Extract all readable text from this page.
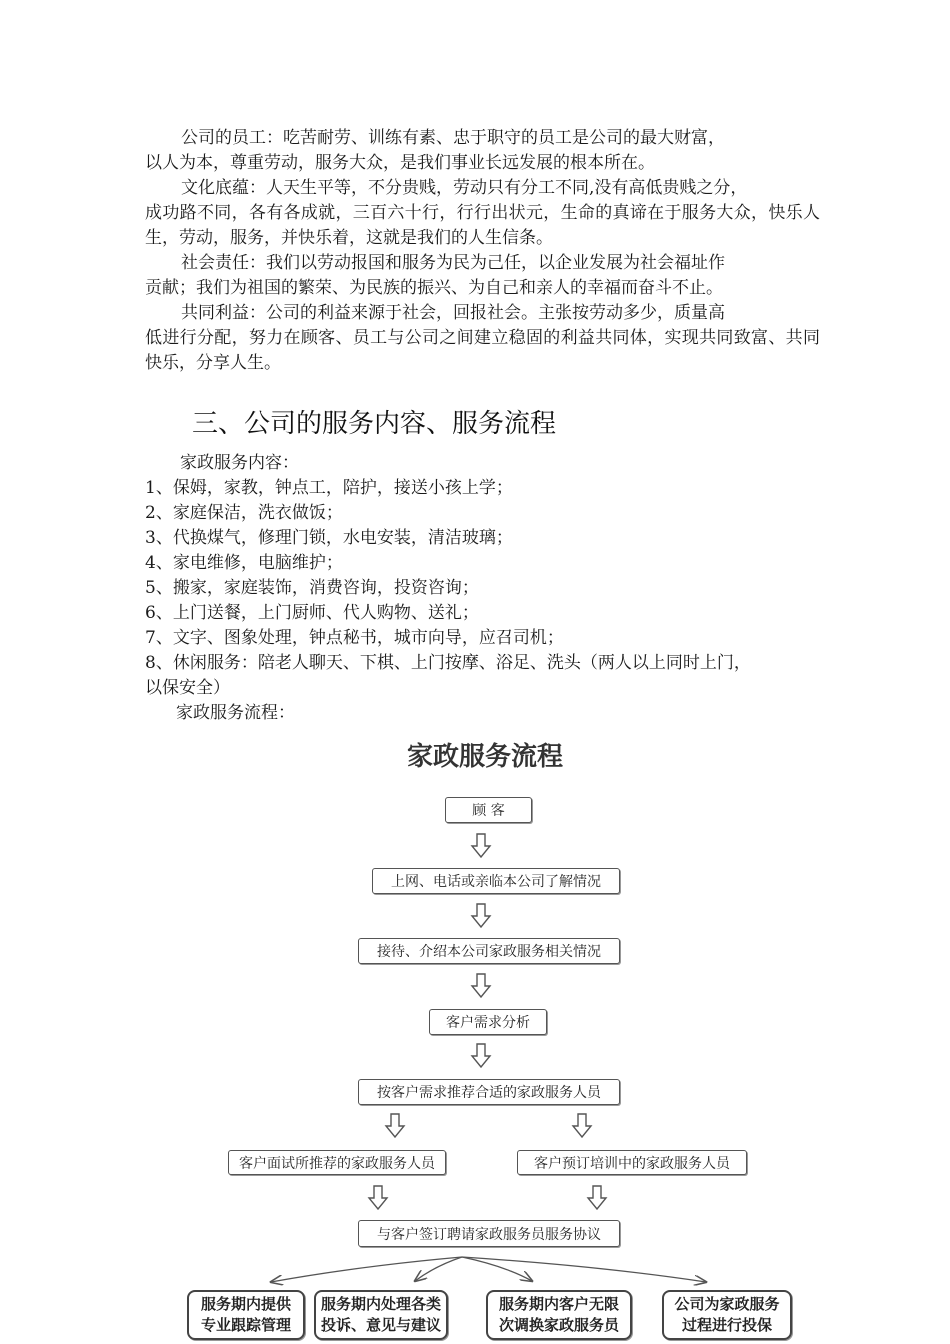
公司的员工：吃苦耐劳、训练有素、忠于职守的员工是公司的最大财富，
以人为本，尊重劳动，服务大众，是我们事业长远发展的根本所在。
文化底蕴：人天生平等，不分贵贱，劳动只有分工不同,没有高低贵贱之分，
成功路不同，各有各成就，三百六十行，行行出状元，生命的真谛在于服务大众，快乐人生，劳动，服务，并快乐着，这就是我们的人生信条。
社会责任：我们以劳动报国和服务为民为己任，以企业发展为社会福址作
贡献；我们为祖国的繁荣、为民族的振兴、为自己和亲人的幸福而奋斗不止。
共同利益：公司的利益来源于社会，回报社会。主张按劳动多少，质量高
低进行分配，努力在顾客、员工与公司之间建立稳固的利益共同体，实现共同致富、共同快乐，分享人生。
三、公司的服务内容、服务流程
家政服务内容：
1、保姆，家教，钟点工，陪护，接送小孩上学；
2、家庭保洁，洗衣做饭；
3、代换煤气，修理门锁，水电安装，清洁玻璃；
4、家电维修，电脑维护；
5、搬家，家庭装饰，消费咨询，投资咨询；
6、上门送餐，上门厨师、代人购物、送礼；
7、文字、图象处理，钟点秘书，城市向导，应召司机；
8、休闲服务：陪老人聊天、下棋、上门按摩、浴足、洗头（两人以上同时上门，
以保安全）
家政服务流程：
家政服务流程
顾 客
上网、电话或亲临本公司了解情况
接待、介绍本公司家政服务相关情况
客户需求分析
按客户需求推荐合适的家政服务人员
客户面试所推荐的家政服务人员	客户预订培训中的家政服务人员
与客户签订聘请家政服务员服务协议
服务期内提供
专业跟踪管理
服务期内处理各类
投诉、意见与建议
服务期内客户无限
次调换家政服务员
公司为家政服务
过程进行投保
